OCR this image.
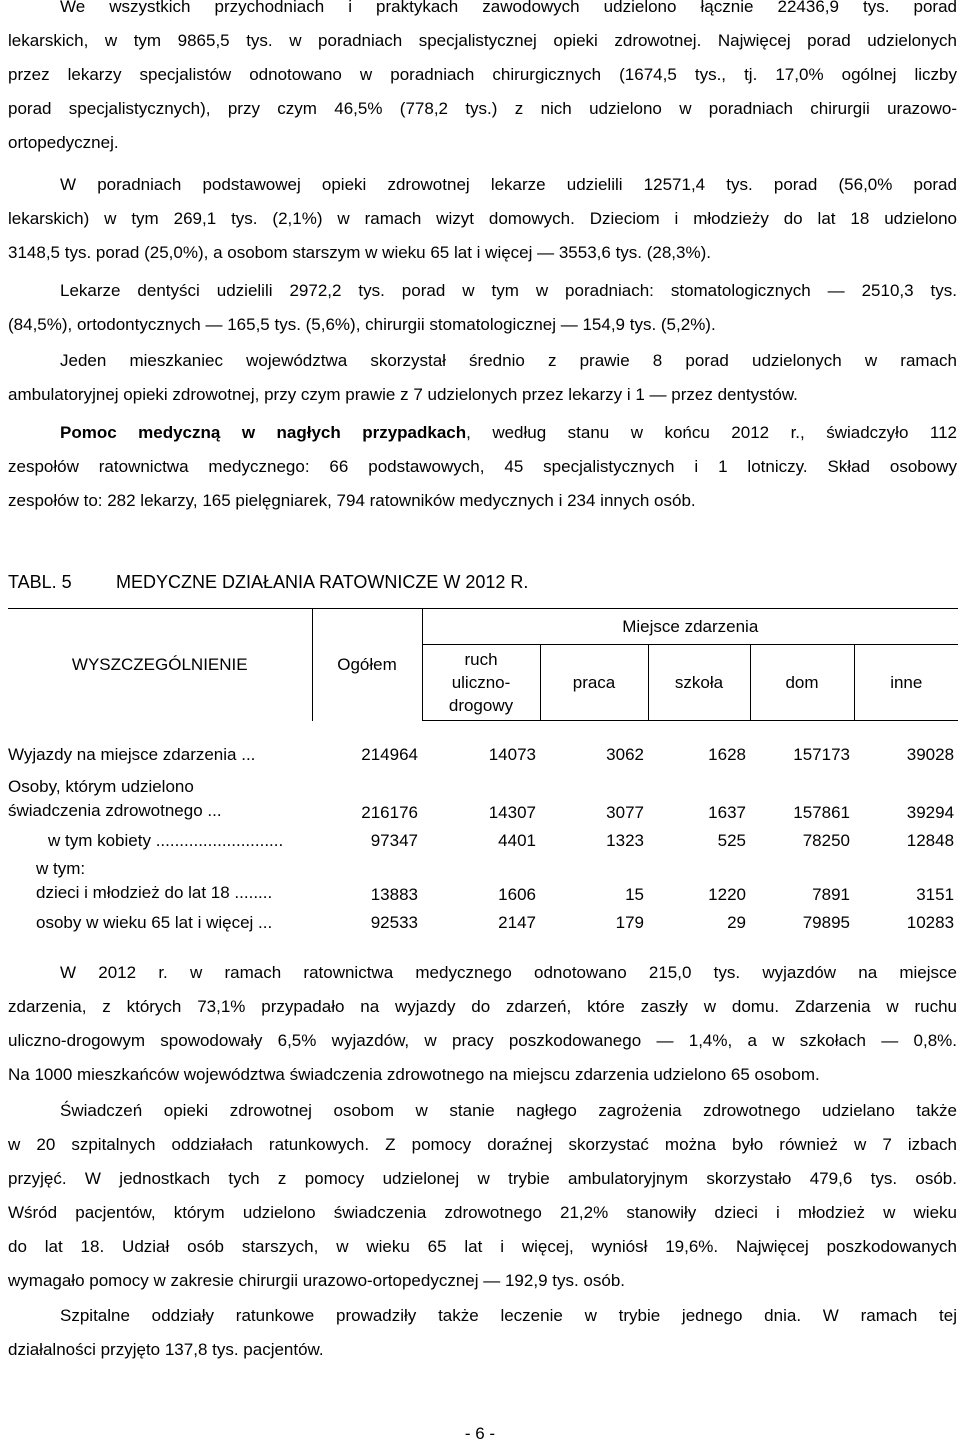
We wszystkich przychodniach i praktykach zawodowych udzielono łącznie 22436,9 tys. porad
lekarskich, w tym 9865,5 tys. w poradniach specjalistycznej opieki zdrowotnej. Najwięcej porad udzielonych
przez lekarzy specjalistów odnotowano w poradniach chirurgicznych (1674,5 tys., tj. 17,0% ogólnej liczby
porad specjalistycznych), przy czym 46,5% (778,2 tys.) z nich udzielono w poradniach chirurgii urazowo-
ortopedycznej.
W poradniach podstawowej opieki zdrowotnej lekarze udzielili 12571,4 tys. porad (56,0% porad
lekarskich) w tym 269,1 tys. (2,1%) w ramach wizyt domowych. Dzieciom i młodzieży do lat 18 udzielono
3148,5 tys. porad (25,0%), a osobom starszym w wieku 65 lat i więcej — 3553,6 tys. (28,3%).
Lekarze dentyści udzielili 2972,2 tys. porad w tym w poradniach: stomatologicznych — 2510,3 tys.
(84,5%), ortodontycznych — 165,5 tys. (5,6%), chirurgii stomatologicznej — 154,9 tys. (5,2%).
Jeden mieszkaniec województwa skorzystał średnio z prawie 8 porad udzielonych w ramach
ambulatoryjnej opieki zdrowotnej, przy czym prawie z 7 udzielonych przez lekarzy i 1 — przez dentystów.
Pomoc medyczną w nagłych przypadkach, według stanu w końcu 2012 r., świadczyło 112
zespołów ratownictwa medycznego: 66 podstawowych, 45 specjalistycznych i 1 lotniczy. Skład osobowy
zespołów to: 282 lekarzy, 165 pielęgniarek, 794 ratowników medycznych i 234 innych osób.
TABL. 5 MEDYCZNE DZIAŁANIA RATOWNICZE W 2012 R.
WYSZCZEGÓLNIENIE	Ogółem	Miejsce zdarzenia				

		ruch
uliczno-
drogowy	praca	szkoła	dom	inne
Wyjazdy na miejsce zdarzenia ...	214964	14073	3062	1628	157173	39028

Osoby, którym udzielono
świadczenia zdrowotnego ...	216176	14307	3077	1637	157861	39294
w tym kobiety ...........................	97347	4401	1323	525	78250	12848

w tym:
dzieci i młodzież do lat 18 ........	13883	1606	15	1220	7891	3151
osoby w wieku 65 lat i więcej ...	92533	2147	179	29	79895	10283
W 2012 r. w ramach ratownictwa medycznego odnotowano 215,0 tys. wyjazdów na miejsce
zdarzenia, z których 73,1% przypadało na wyjazdy do zdarzeń, które zaszły w domu. Zdarzenia w ruchu
uliczno-drogowym spowodowały 6,5% wyjazdów, w pracy poszkodowanego — 1,4%, a w szkołach — 0,8%.
Na 1000 mieszkańców województwa świadczenia zdrowotnego na miejscu zdarzenia udzielono 65 osobom.
Świadczeń opieki zdrowotnej osobom w stanie nagłego zagrożenia zdrowotnego udzielano także
w 20 szpitalnych oddziałach ratunkowych. Z pomocy doraźnej skorzystać można było również w 7 izbach
przyjęć. W jednostkach tych z pomocy udzielonej w trybie ambulatoryjnym skorzystało 479,6 tys. osób.
Wśród pacjentów, którym udzielono świadczenia zdrowotnego 21,2% stanowiły dzieci i młodzież w wieku
do lat 18. Udział osób starszych, w wieku 65 lat i więcej, wyniósł 19,6%. Najwięcej poszkodowanych
wymagało pomocy w zakresie chirurgii urazowo-ortopedycznej — 192,9 tys. osób.
Szpitalne oddziały ratunkowe prowadziły także leczenie w trybie jednego dnia. W ramach tej
działalności przyjęto 137,8 tys. pacjentów.
- 6 -
